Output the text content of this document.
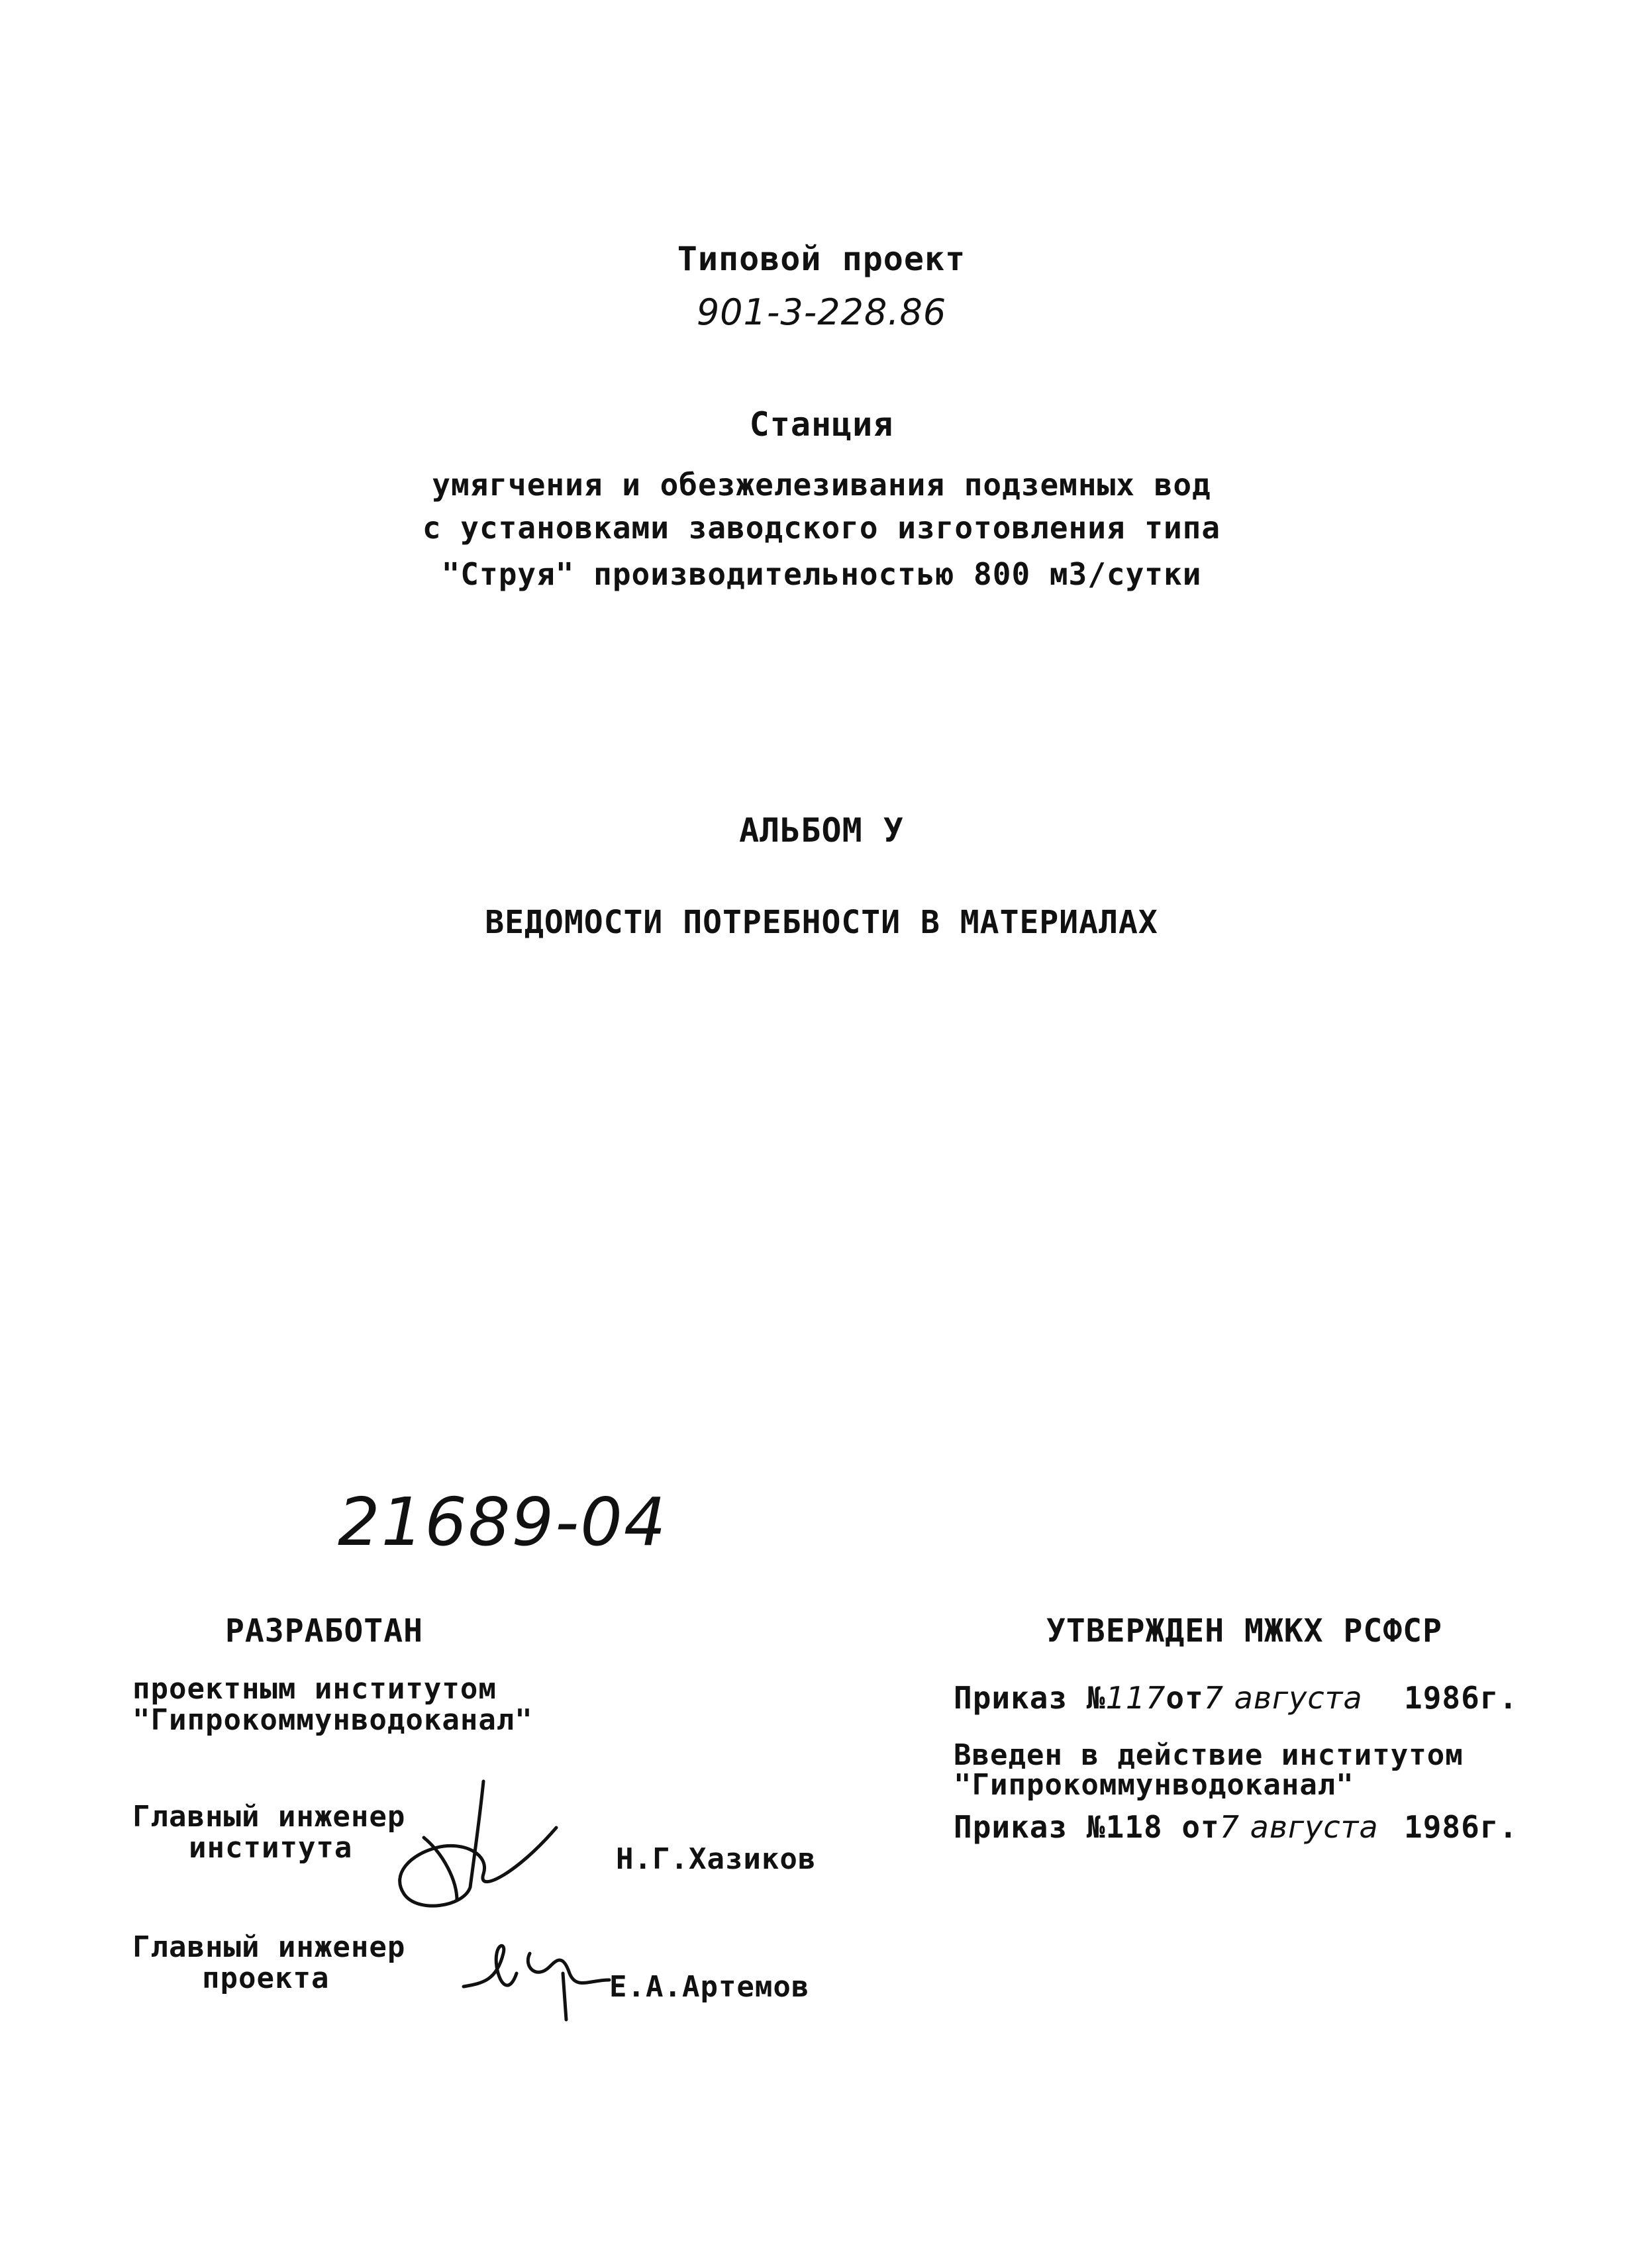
Типовой проект
901-3-228.86
Станция
умягчения и обезжелезивания подземных вод
с установками заводского изготовления типа
"Струя" производительностью 800 м3/сутки
АЛЬБОМ У
ВЕДОМОСТИ ПОТРЕБНОСТИ В МАТЕРИАЛАХ
21689-04
РАЗРАБОТАН
проектным институтом
"Гипрокоммунводоканал"
Главный инженер
института	Н.Г.Хазиков
Главный инженер
проекта	Е.А.Артемов
УТВЕРЖДЕН МЖКХ РСФСР
Приказ №117от7 августа 1986г.
Введен в действие институтом
"Гипрокоммунводоканал"
Приказ №118 от7 августа 1986г.
